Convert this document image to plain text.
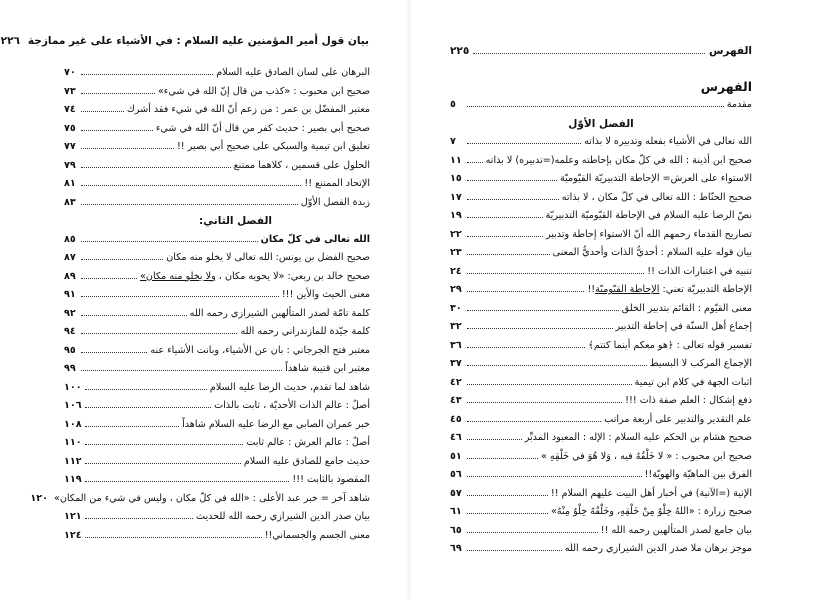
بيان قول أمير المؤمنين عليه السلام : في الأشياء على غير ممازجة
٢٢٦
البرهان على لسان الصادق عليه السلام
٧٠
صحيح ابن محبوب : «كذب من قال إنّ الله في شيء»
٧٣
معتبر المفضّل بن عمر : من زعم أنّ الله في شيء فقد أشرك
٧٤
صحيح أبي بصير : حديث كفر من قال أنّ الله في شيء
٧٥
تعليق ابن تيمية والسبكي على صحيح أبي بصير !!
٧٧
الحلول على قسمين ، كلاهما ممتنع
٧٩
الإتحاد الممتنع !!
٨١
زبدة الفصل الأوّل
٨٣
الفصل الثاني:
الله تعالى في كلّ مكان
٨٥
صحيح الفضل بن يونس: الله تعالى لا يخلو منه مكان
٨٧
صحيح خالد بن ربعي: «لا يحويه مكان ، ولا يخلو منه مكان»
٨٩
معنى الحيث والأين !!!
٩١
كلمة تامّة لصدر المتألهين الشيرازي رحمه الله
٩٢
كلمة جيّدة للمازندراني رحمه الله
٩٤
معتبر فتح الجرجاني : بان عن الأشياء، وبانت الأشياء عنه
٩٥
معتبر ابن قتيبة شاهداً
٩٩
شاهد لما تقدم، حديث الرضا عليه السلام
١٠٠
أصلٌ : عالم الذات الأحديّة ، ثابت بالذات
١٠٦
خبر عمران الصابي مع الرضا عليه السلام شاهداً
١٠٨
أصلٌ : عالم العرش : عالم ثابت
١١٠
حديث جامع للصادق عليه السلام
١١٢
المقصود بالثابت !!!
١١٩
شاهد آخر = خبر عبد الأعلى : «الله في كلّ مكان ، وليس في شيء من المكان»
١٢٠
بيان صدر الدين الشيرازي رحمه الله للحديث
١٢١
معنى الجسم والجسماني!!
١٢٤
الفهرس
٢٢٥
الفهرس
مقدمة
٥
الفصل الأوّل
الله تعالى في الأشياء بفعله وتدبيره لا بذاته
٧
صحيح ابن أذينة : الله في كلّ مكان بإحاطته وعلمه(=تدبيره) لا بذاته
١١
الاستواء على العرش= الإحاطة التدبيريّة القيّوميّة
١٥
صحيح الحنّاط : الله تعالى في كلّ مكان ، لا بذاته
١٧
نصّ الرضا عليه السلام في الإحاطة القيّوميّة التدبيريّة
١٩
تصاريح القدماء رحمهم الله أنّ الاستواء إحاطة وتدبير
٢٢
بيان قوله عليه السلام : أحديُّ الذات وأحديُّ المعنى
٢٣
تنبيه في اعتبارات الذات !!
٢٤
الإحاطة التدبيريّة تعني: الإحاطة القيّوميّة!!
٢٩
معنى القيّوم : القائم بتدبير الخلق
٣٠
إجماع أهل السنّة في إحاطة التدبير
٣٢
تفسير قوله تعالى : ﴿هو معكم أينما كنتم﴾
٣٦
الإجماع المركب لا البسيط
٣٧
اثبات الجهة في كلام ابن تيمية
٤٢
دفع إشكال : العلم صفة ذات !!!
٤٣
علم التقدير والتدبير على أربعة مراتب
٤٥
صحيح هشام بن الحكم عليه السلام : الإله : المعبود المدبِّر
٤٦
صحيح ابن محبوب : « لا خَلْقُهُ فيه ، وَلا هُوَ في خَلْقِهِ »
٥١
الفرق بين الماهيّة والهويّة!!
٥٦
الإنية (=الآنية) في أخبار أهل البيت عليهم السلام !!
٥٧
صحيح زرارة : «اللهُ خِلْوٌ مِنْ خَلْقِهِ، وخَلْقُهُ خِلْوٌ مِنْهُ»
٦١
بيان جامع لصدر المتألهين رحمه الله !!
٦٥
موجز برهان ملا صدر الدين الشيرازي رحمه الله
٦٩
